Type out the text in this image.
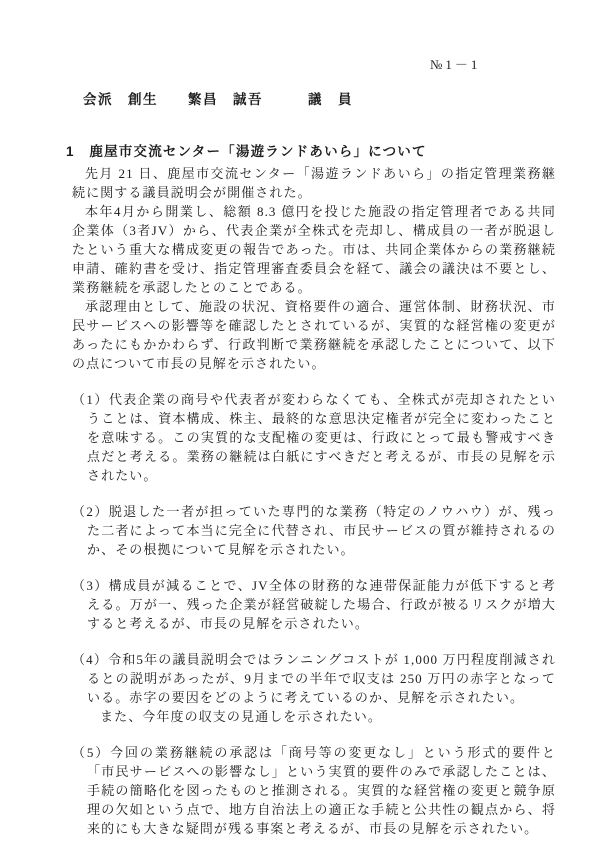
№1－1
会派　創生　　繁昌　誠吾　　　議　員
1　鹿屋市交流センター「湯遊ランドあいら」について

先月 21 日、鹿屋市交流センター「湯遊ランドあいら」の指定管理業務継続に関する議員説明会が開催された。

本年4月から開業し、総額 8.3 億円を投じた施設の指定管理者である共同企業体（3者JV）から、代表企業が全株式を売却し、構成員の一者が脱退したという重大な構成変更の報告であった。市は、共同企業体からの業務継続申請、確約書を受け、指定管理審査委員会を経て、議会の議決は不要とし、業務継続を承認したとのことである。

承認理由として、施設の状況、資格要件の適合、運営体制、財務状況、市民サービスへの影響等を確認したとされているが、実質的な経営権の変更があったにもかかわらず、行政判断で業務継続を承認したことについて、以下の点について市長の見解を示されたい。

（1）代表企業の商号や代表者が変わらなくても、全株式が売却されたということは、資本構成、株主、最終的な意思決定権者が完全に変わったことを意味する。この実質的な支配権の変更は、行政にとって最も警戒すべき点だと考える。業務の継続は白紙にすべきだと考えるが、市長の見解を示されたい。
（2）脱退した一者が担っていた専門的な業務（特定のノウハウ）が、残った二者によって本当に完全に代替され、市民サービスの質が維持されるのか、その根拠について見解を示されたい。
（3）構成員が減ることで、JV全体の財務的な連帯保証能力が低下すると考える。万が一、残った企業が経営破綻した場合、行政が被るリスクが増大すると考えるが、市長の見解を示されたい。
（4）令和5年の議員説明会ではランニングコストが 1,000 万円程度削減されるとの説明があったが、9月までの半年で収支は 250 万円の赤字となっている。赤字の要因をどのように考えているのか、見解を示されたい。
また、今年度の収支の見通しを示されたい。
（5）今回の業務継続の承認は「商号等の変更なし」という形式的要件と「市民サービスへの影響なし」という実質的要件のみで承認したことは、手続の簡略化を図ったものと推測される。実質的な経営権の変更と競争原理の欠如という点で、地方自治法上の適正な手続と公共性の観点から、将来的にも大きな疑問が残る事案と考えるが、市長の見解を示されたい。
